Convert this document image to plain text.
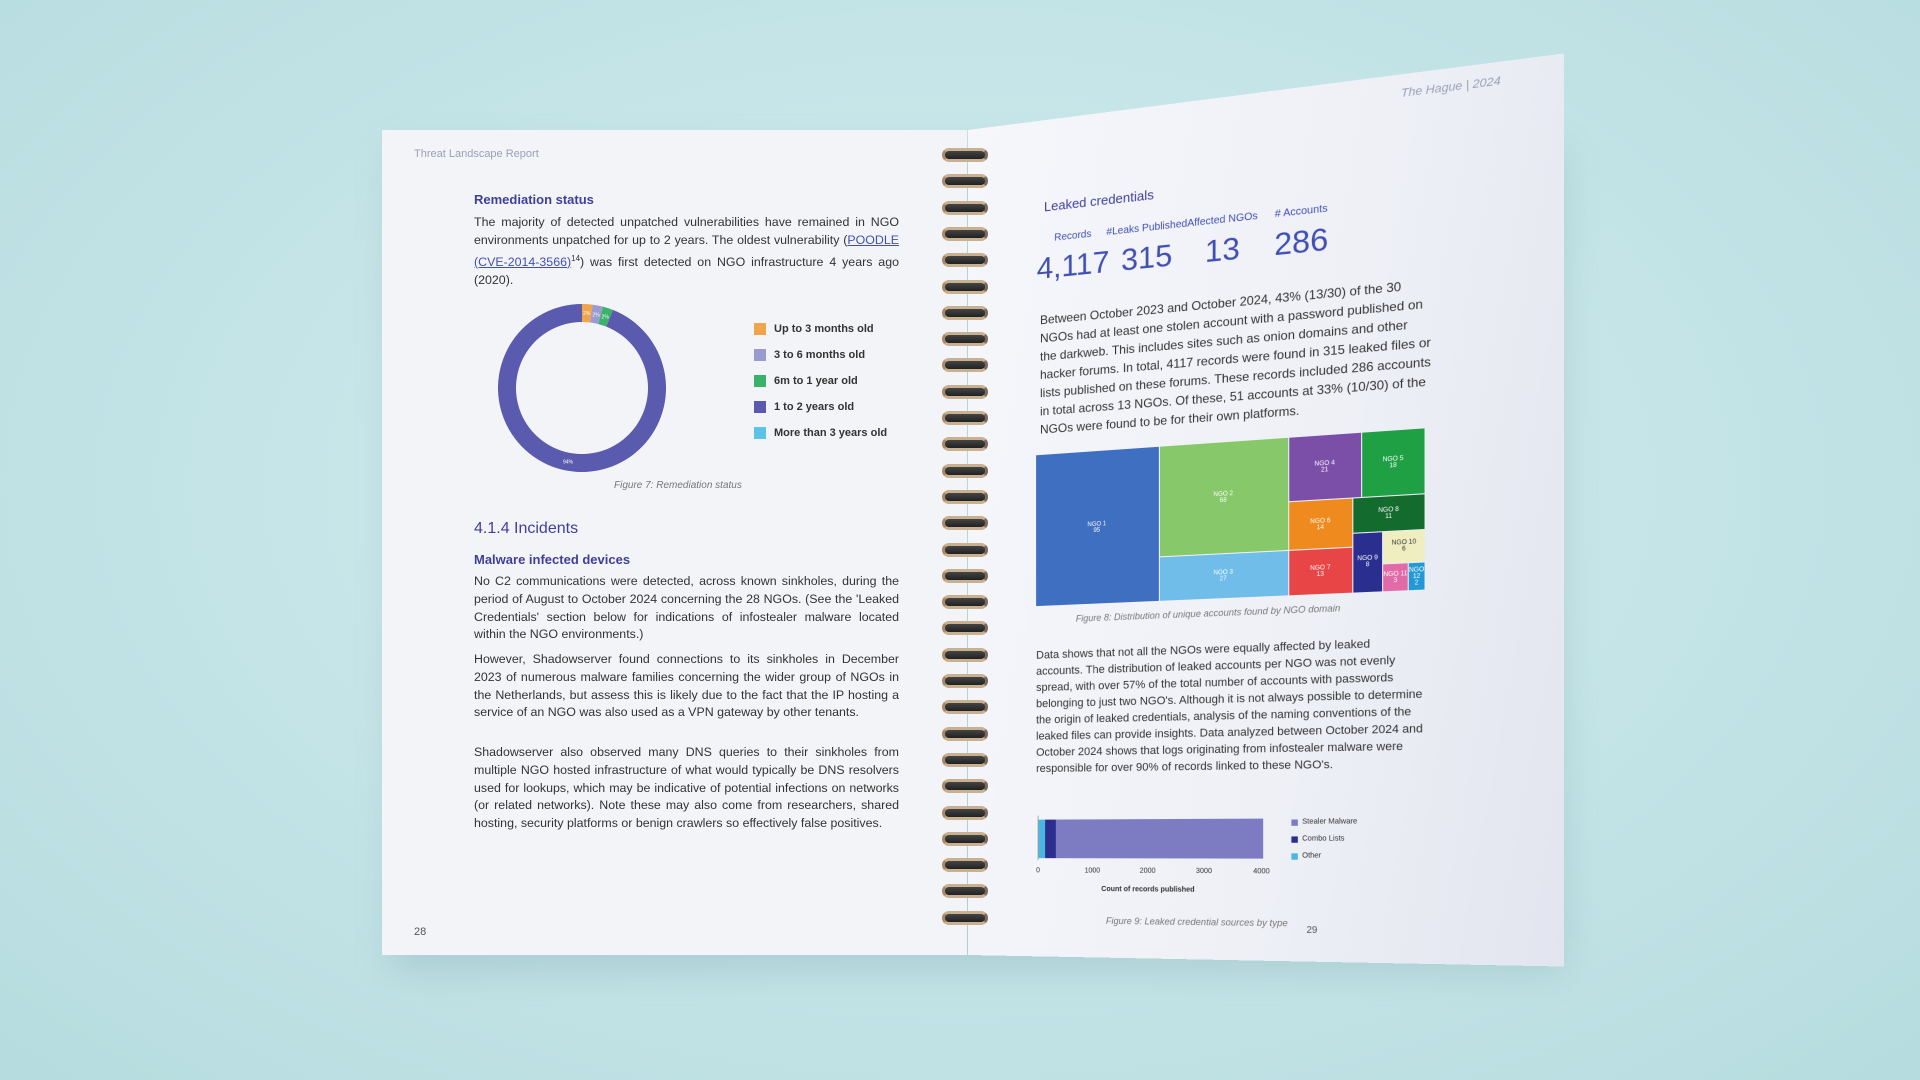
Threat Landscape Report
Remediation status
The majority of detected unpatched vulnerabilities have remained in NGO environments unpatched for up to 2 years. The oldest vulnerability (POODLE $(CVE-2014-3566)^{14}$) was first detected on NGO infrastructure 4 years ago (2020).
2% 2% 2%
94%
Up to 3 months old
3 to 6 months old
6m to 1 year old
1 to 2 years old
More than 3 years old
Figure 7: Remediation status
4.1.4 Incidents
Malware infected devices
No C2 communications were detected, across known sinkholes, during the period of August to October 2024 concerning the 28 NGOs. (See the 'Leaked Credentials' section below for indications of infostealer malware located within the NGO environments.)
However, Shadowserver found connections to its sinkholes in December 2023 of numerous malware families concerning the wider group of NGOs in the Netherlands, but assess this is likely due to the fact that the IP hosting a service of an NGO was also used as a VPN gateway by other tenants.
Shadowserver also observed many DNS queries to their sinkholes from multiple NGO hosted infrastructure of what would typically be DNS resolvers used for lookups, which may be indicative of potential infections on networks (or related networks). Note these may also come from researchers, shared hosting, security platforms or benign crawlers so effectively false positives.
28
The Hague | 2024
Leaked credentials
Records
4,117
#Leaks Published
315
Affected NGOs
13
# Accounts
286
Between October 2023 and October 2024, 43% (13/30) of the 30 NGOs had at least one stolen account with a password published on the darkweb. This includes sites such as onion domains and other hacker forums. In total, 4117 records were found in 315 leaked files or lists published on these forums. These records included 286 accounts in total across 13 NGOs. Of these, 51 accounts at 33% (10/30) of the NGOs were found to be for their own platforms.
NGO 1
95
NGO 2
68
NGO 3
27
NGO 4
21
NGO 5
18
NGO 6
14
NGO 7
13
NGO 8
11
NGO 9
8
NGO 10
6
NGO 11
3
NGO 12
2
Figure 8: Distribution of unique accounts found by NGO domain
Data shows that not all the NGOs were equally affected by leaked accounts. The distribution of leaked accounts per NGO was not evenly spread, with over 57% of the total number of accounts with passwords belonging to just two NGO's. Although it is not always possible to determine the origin of leaked credentials, analysis of the naming conventions of the leaked files can provide insights. Data analyzed between October 2024 and October 2024 shows that logs originating from infostealer malware were responsible for over 90% of records linked to these NGO's.
0	1000	2000	3000	4000
Count of records published
Stealer Malware
Combo Lists
Other
Figure 9: Leaked credential sources by type
29
